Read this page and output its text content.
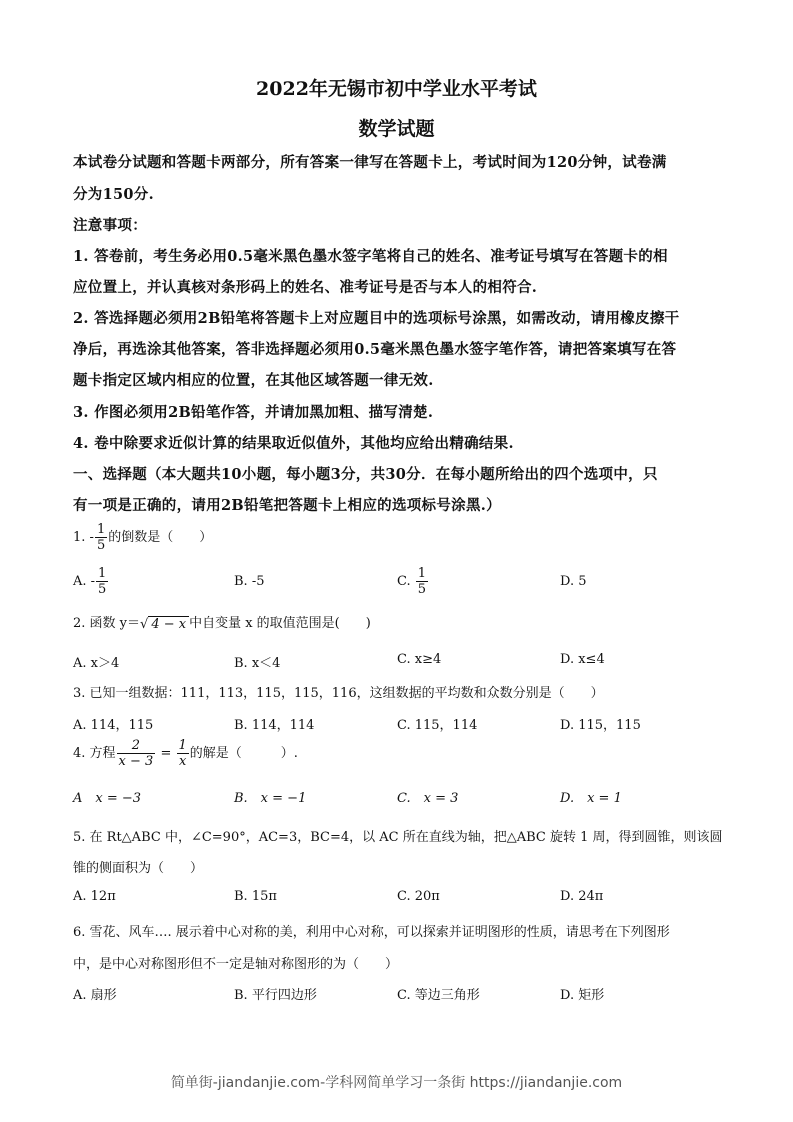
2022年无锡市初中学业水平考试
数学试题
本试卷分试题和答题卡两部分，所有答案一律写在答题卡上，考试时间为120分钟，试卷满
分为150分.
注意事项：
1. 答卷前，考生务必用0.5毫米黑色墨水签字笔将自己的姓名、准考证号填写在答题卡的相
应位置上，并认真核对条形码上的姓名、准考证号是否与本人的相符合.
2. 答选择题必须用2B铅笔将答题卡上对应题目中的选项标号涂黑，如需改动，请用橡皮擦干
净后，再选涂其他答案，答非选择题必须用0.5毫米黑色墨水签字笔作答，请把答案填写在答
题卡指定区域内相应的位置，在其他区域答题一律无效.
3. 作图必须用2B铅笔作答，并请加黑加粗、描写清楚.
4. 卷中除要求近似计算的结果取近似值外，其他均应给出精确结果.
一、选择题（本大题共10小题，每小题3分，共30分．在每小题所给出的四个选项中，只
有一项是正确的，请用2B铅笔把答题卡上相应的选项标号涂黑.）
1. - $\frac{1}{5}$ 的倒数是（　　）
A. - $\frac{1}{5}$	B. -5	C. $\frac{1}{5}$	D. 5
2. 函数 y＝√ 4 − x 中自变量 x 的取值范围是(　　)
A. x＞4	B. x＜4	C. x≥4	D. x≤4
3. 已知一组数据：111，113，115，115，116，这组数据的平均数和众数分别是（　　）
A. 114，115	B. 114，114	C. 115，114	D. 115，115
4. 方程 $\frac{2}{x - 3} = \frac{1}{x}$ 的解是（　　　）.
A　x = −3	B.　x = −1	C.　x = 3	D.　x = 1
5. 在 Rt△ABC 中，∠C=90°，AC=3，BC=4，以 AC 所在直线为轴，把△ABC 旋转 1 周，得到圆锥，则该圆
锥的侧面积为（　　）
A. 12π	B. 15π	C. 20π	D. 24π
6. 雪花、风车…. 展示着中心对称的美，利用中心对称，可以探索并证明图形的性质，请思考在下列图形
中，是中心对称图形但不一定是轴对称图形的为（　　）
A. 扇形	B. 平行四边形	C. 等边三角形	D. 矩形
简单街-jiandanjie.com-学科网简单学习一条街 https://jiandanjie.com
